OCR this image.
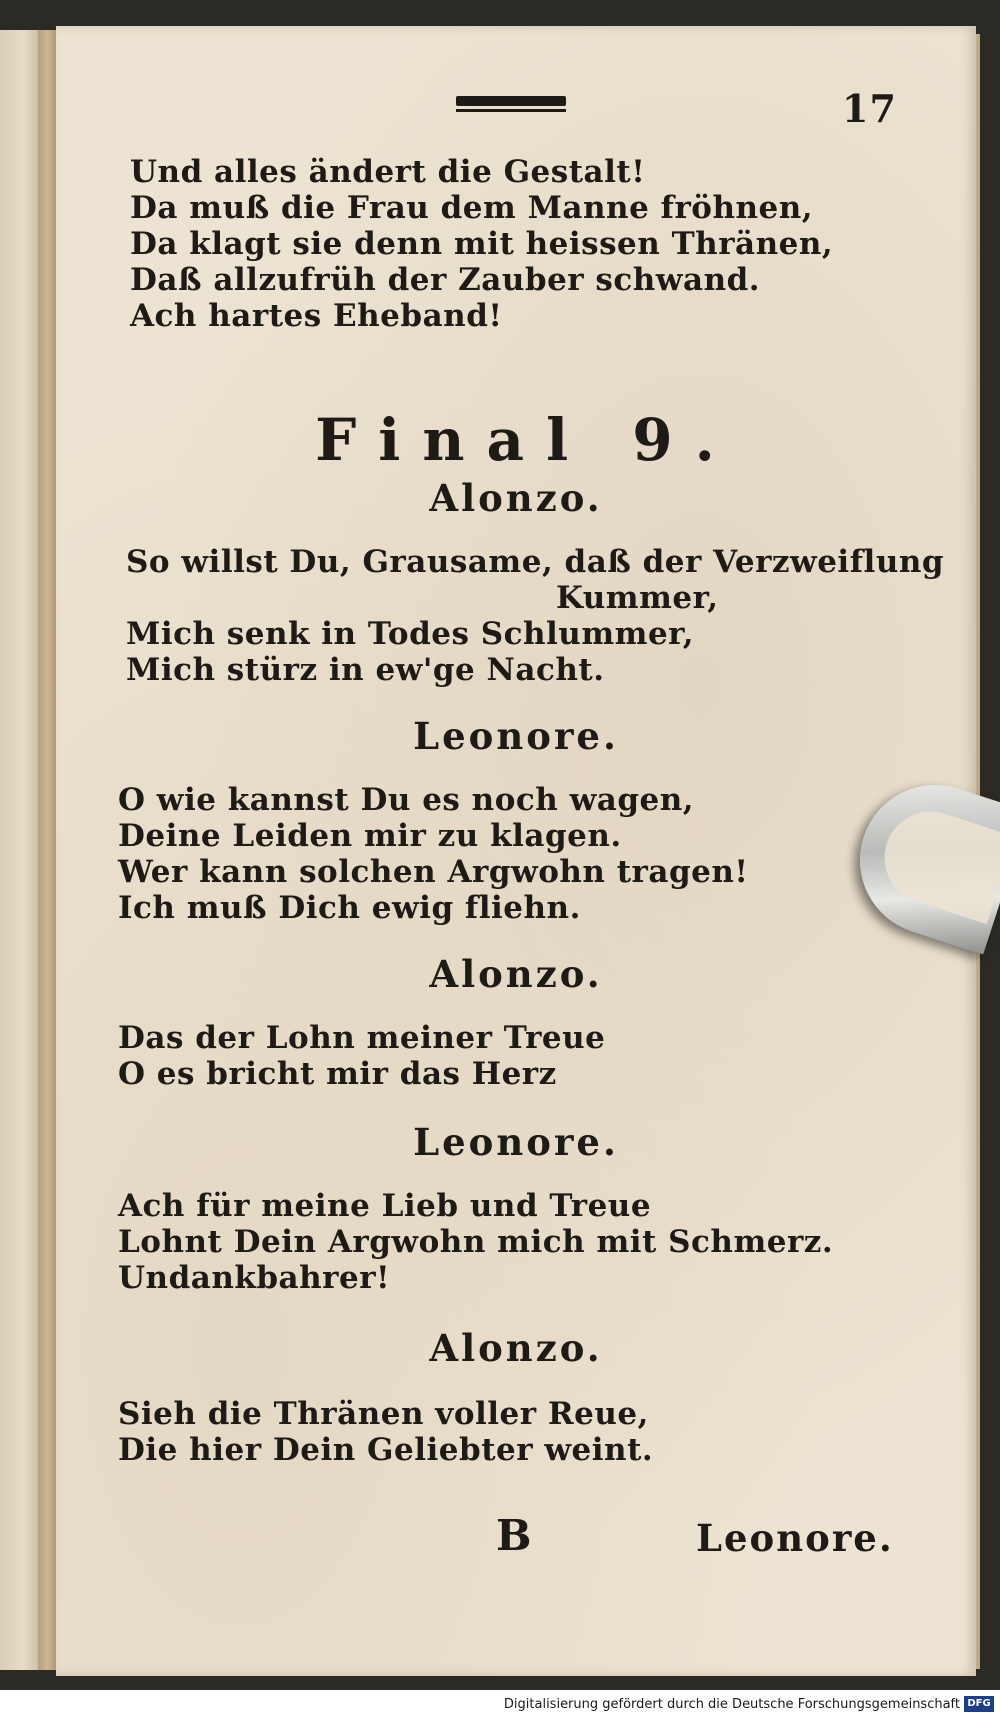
17
Und alles ändert die Gestalt!
Da muß die Frau dem Manne fröhnen,
Da klagt sie denn mit heissen Thränen,
Daß allzufrüh der Zauber schwand.
Ach hartes Eheband!
Final 9.
Alonzo.
So willst Du, Grausame, daß der Verzweiflung
Kummer,
Mich senk in Todes Schlummer,
Mich stürz in ew'ge Nacht.
Leonore.
O wie kannst Du es noch wagen,
Deine Leiden mir zu klagen.
Wer kann solchen Argwohn tragen!
Ich muß Dich ewig fliehn.
Alonzo.
Das der Lohn meiner Treue
O es bricht mir das Herz
Leonore.
Ach für meine Lieb und Treue
Lohnt Dein Argwohn mich mit Schmerz.
Undankbahrer!
Alonzo.
Sieh die Thränen voller Reue,
Die hier Dein Geliebter weint.
B	Leonore.
Digitalisierung gefördert durch die Deutsche Forschungsgemeinschaft DFG
